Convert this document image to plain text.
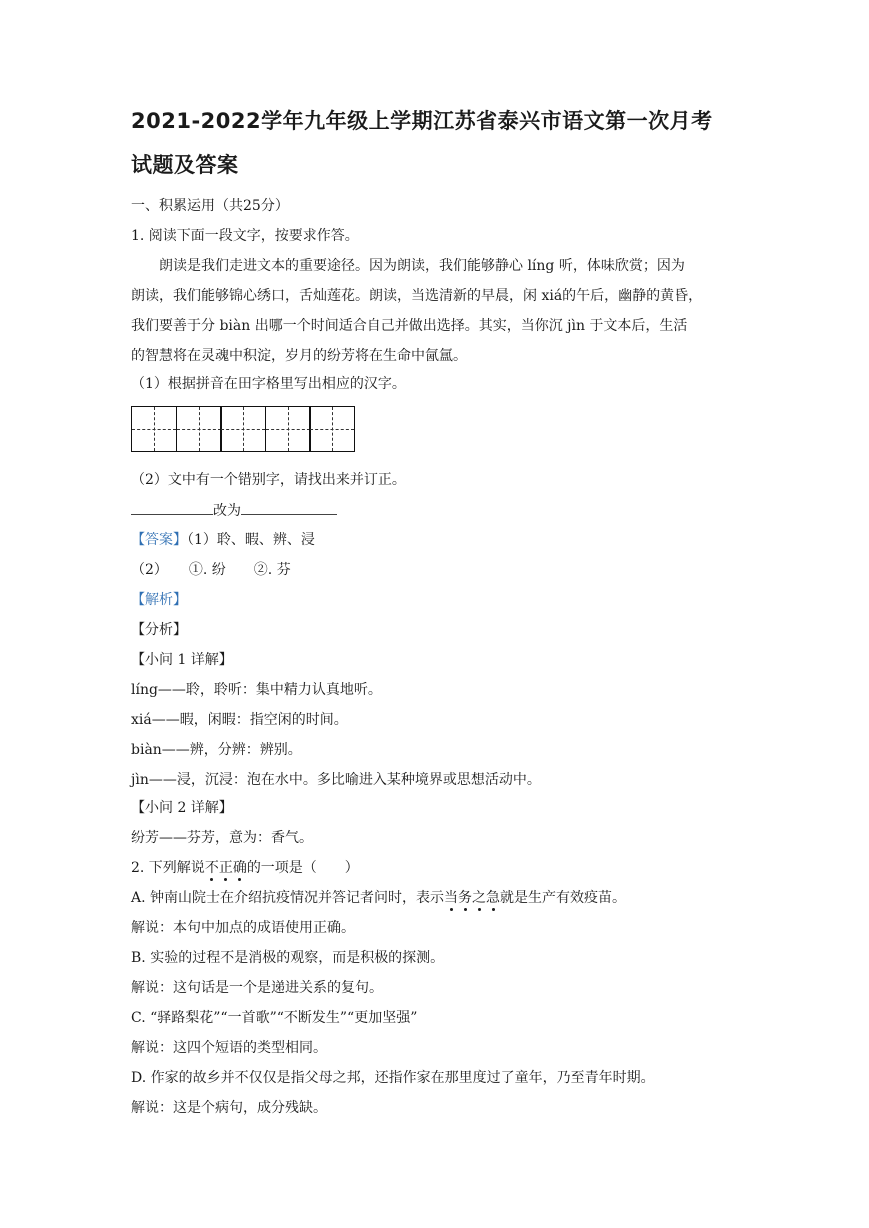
2021-2022学年九年级上学期江苏省泰兴市语文第一次月考
试题及答案
一、积累运用（共25分）
1. 阅读下面一段文字，按要求作答。
朗读是我们走进文本的重要途径。因为朗读，我们能够静心 líng 听，体味欣赏；因为
朗读，我们能够锦心绣口，舌灿莲花。朗读，当选清新的早晨，闲 xiá的午后，幽静的黄昏，
我们要善于分 biàn 出哪一个时间适合自己并做出选择。其实，当你沉 jìn 于文本后，生活
的智慧将在灵魂中积淀，岁月的纷芳将在生命中氤氲。
（1）根据拼音在田字格里写出相应的汉字。
（2）文中有一个错别字，请找出来并订正。
改为
【答案】（1）聆、暇、辨、浸
（2）　　①. 纷　　②. 芬
【解析】
【分析】
【小问 1 详解】
líng——聆，聆听：集中精力认真地听。
xiá——暇，闲暇：指空闲的时间。
biàn——辨，分辨：辨别。
jìn——浸，沉浸：泡在水中。多比喻进入某种境界或思想活动中。
【小问 2 详解】
纷芳——芬芳，意为：香气。
2. 下列解说不正确的一项是（　　）
A. 钟南山院士在介绍抗疫情况并答记者问时，表示当务之急就是生产有效疫苗。
解说：本句中加点的成语使用正确。
B. 实验的过程不是消极的观察，而是积极的探测。
解说：这句话是一个是递进关系的复句。
C. “驿路梨花”“一首歌”“不断发生”“更加坚强”
解说：这四个短语的类型相同。
D. 作家的故乡并不仅仅是指父母之邦，还指作家在那里度过了童年，乃至青年时期。
解说：这是个病句，成分残缺。
